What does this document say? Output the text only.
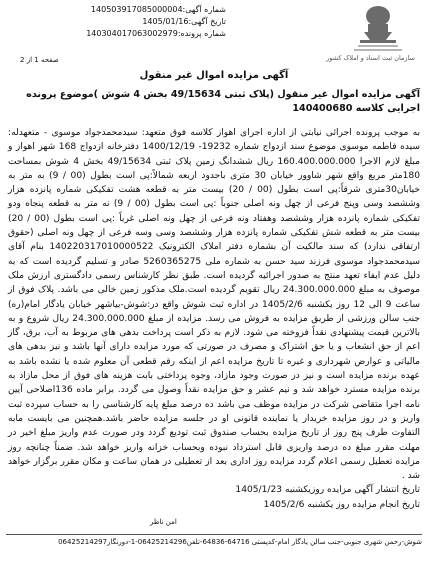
شماره آگهی:140503917085000004
تاریخ آگهی:1405/01/16
شماره پرونده:140304017063002979
سازمان ثبت اسناد و املاک کشور
صفحه 1 از 2
آگهی مزایده اموال غیر منقول
آگهی مزایده اموال غیر منقول (پلاک ثبتی 49/15634 بخش 4 شوش )موضوع پرونده اجرایی کلاسه 140400680
به موجب پرونده اجرائی نیابتی از اداره اجرای اهواز کلاسه فوق متعهد: سیدمحمدجواد موسوی - متعهدله: سیده فاطمه موسوی موضوع سند ازدواج شماره 19232- 1400/12/19 دفترخانه ازدواج 168 شهر اهواز و مبلغ لازم الاجرا 160.400.000.000 ریال ششدانگ زمین پلاک ثبتی 49/15634 بخش 4 شوش بمساحت 180متر مربع واقع شهر شاوور خیابان 30 متری باحدود اربعه شمالاً:پی است بطول (00 / 9) به متر به خیابان30متری شرقاً:پی است بطول (00 / 20) بیست متر به قطعه هشت تفکیکی شماره پانزده هزار وششصد وسی وپنج فرعی از چهل ونه اصلی جنوباً :پی است بطول (00 / 9) نه متر به قطعه پنجاه ودو تفکیکی شماره پانزده هزار وششصد وهفتاد ونه فرعی از چهل ونه اصلی غرباً :پی است بطول (00 / 20) بیست متر به قطعه شش تفکیکی شماره پانزده هزار وششصد وسی وسه فرعی از چهل ونه اصلی (حقوق ارتفاقی ندارد) که سند مالکیت آن بشماره دفتر املاک الکترونیک 140220317010000522 بنام آقای سیدمحمدجواد موسوی فرزند سید حسن به شماره ملی 5260365275 صادر و تسلیم گردیده است که به دلیل عدم ایفاء تعهد منتج به صدور اجرائیه گردیده است. طبق نظر کارشناس رسمی دادگستری ارزش ملک موصوف به مبلغ 24.300.000.000 ریال تقویم گردیده است.ملک مذکور زمین خالی می باشد. پلاک فوق از ساعت 9 الی 12 روز یکشنبه 1405/2/6 در اداره ثبت شوش واقع در:شوش-بیاشهر خیابان یادگار امام(ره) جنب سالن ورزشی از طریق مزایده به فروش می رسد. مزایده از مبلغ 24.300.000.000 ریال شروع و به بالاترین قیمت پیشنهادی نقداً فروخته می شود. لازم به ذکر است پرداخت بدهی های مربوط به آب، برق، گاز اعم از حق انشعاب و یا حق اشتراک و مصرف در صورتی که مورد مزایده دارای آنها باشد و نیز بدهی های مالیاتی و عوارض شهرداری و غیره تا تاریخ مزایده اعم از اینکه رقم قطعی آن معلوم شده یا نشده باشد به عهده برنده مزایده است و نیز در صورت وجود مازاد، وجوه پرداختی بابت هزینه های فوق از محل مازاد به برنده مزایده مسترد خواهد شد و نیم عشر و حق مزایده نقداً وصول می گردد. برابر ماده 136اصلاحی آیین نامه اجرا متقاضی شرکت در مزایده موظف می باشد ده درصد مبلغ پایه کارشناسی را به حساب سپرده ثبت واریز و در روز مزایده خریدار یا نماینده قانونی او در جلسه مزایده حاضر باشد.همچنین می بایست مابه التفاوت طرف پنج روز از تاریخ مزایده بحساب صندوق ثبت تودیع گردد ودر صورت عدم واریز مبلغ اخیر در مهلت مقرر مبلغ ده درصد واریزی قابل استرداد نبوده وبحساب خزانه واریز خواهد شد. ضمناً چنانچه روز مزایده تعطیل رسمی اعلام گردد مزایده روز اداری بعد از تعطیلی در همان ساعت و مکان مقرر برگزار خواهد شد .
تاریخ انتشار آگهی مزایده روزیکشنبه 1405/1/23
تاریخ انجام مزایده روز یکشنبه 1405/2/6
امن ناظر
شوش-رحمن شهری جنوبی-جنب سالن یادگار امام-کدپستی 64716-64836-تلفن06425214296-1-دورنگار06425214297
